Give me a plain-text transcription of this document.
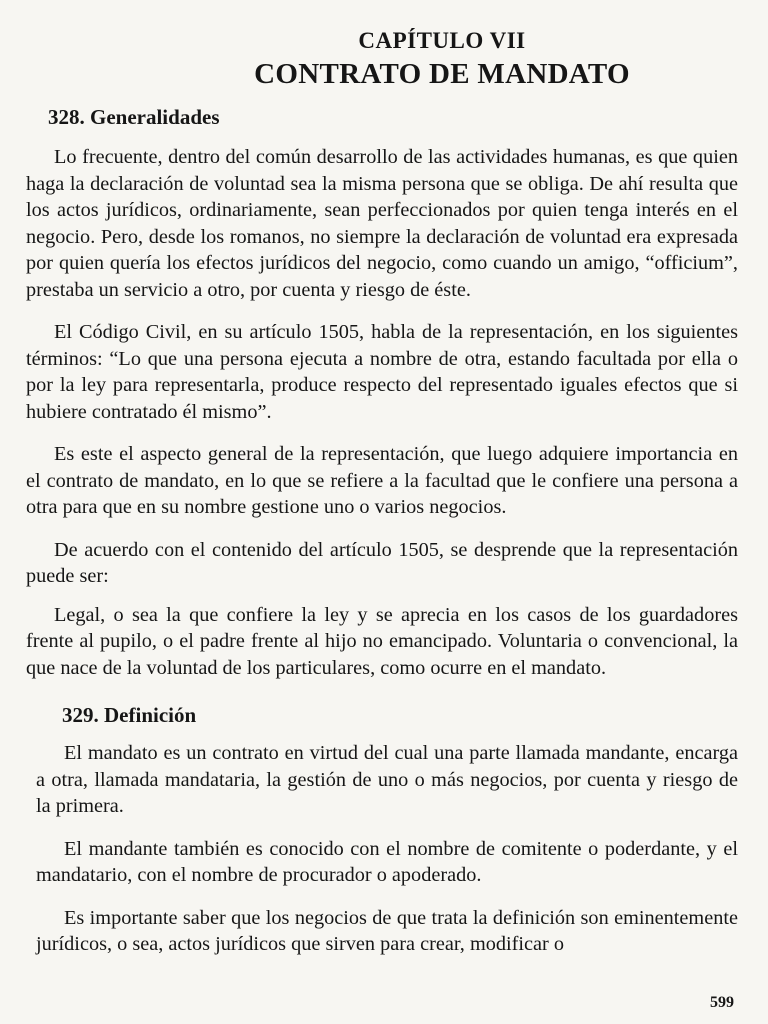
CAPÍTULO VII
CONTRATO DE MANDATO
328. Generalidades

Lo frecuente, dentro del común desarrollo de las actividades humanas, es que quien haga la declaración de voluntad sea la misma persona que se obliga. De ahí resulta que los actos jurídicos, ordinariamente, sean perfeccionados por quien tenga interés en el negocio. Pero, desde los romanos, no siempre la declaración de voluntad era expresada por quien quería los efectos jurídicos del negocio, como cuando un amigo, “officium”, prestaba un servicio a otro, por cuenta y riesgo de éste.

El Código Civil, en su artículo 1505, habla de la representación, en los siguientes términos: “Lo que una persona ejecuta a nombre de otra, estando facultada por ella o por la ley para representarla, produce respecto del representado iguales efectos que si hubiere contratado él mismo”.

Es este el aspecto general de la representación, que luego adquiere importancia en el contrato de mandato, en lo que se refiere a la facultad que le confiere una persona a otra para que en su nombre gestione uno o varios negocios.

De acuerdo con el contenido del artículo 1505, se desprende que la representación puede ser:

Legal, o sea la que confiere la ley y se aprecia en los casos de los guardadores frente al pupilo, o el padre frente al hijo no emancipado. Voluntaria o convencional, la que nace de la voluntad de los particulares, como ocurre en el mandato.

329. Definición

El mandato es un contrato en virtud del cual una parte llamada mandante, encarga a otra, llamada mandataria, la gestión de uno o más negocios, por cuenta y riesgo de la primera.

El mandante también es conocido con el nombre de comitente o poderdante, y el mandatario, con el nombre de procurador o apoderado.

Es importante saber que los negocios de que trata la definición son eminentemente jurídicos, o sea, actos jurídicos que sirven para crear, modificar o

599
